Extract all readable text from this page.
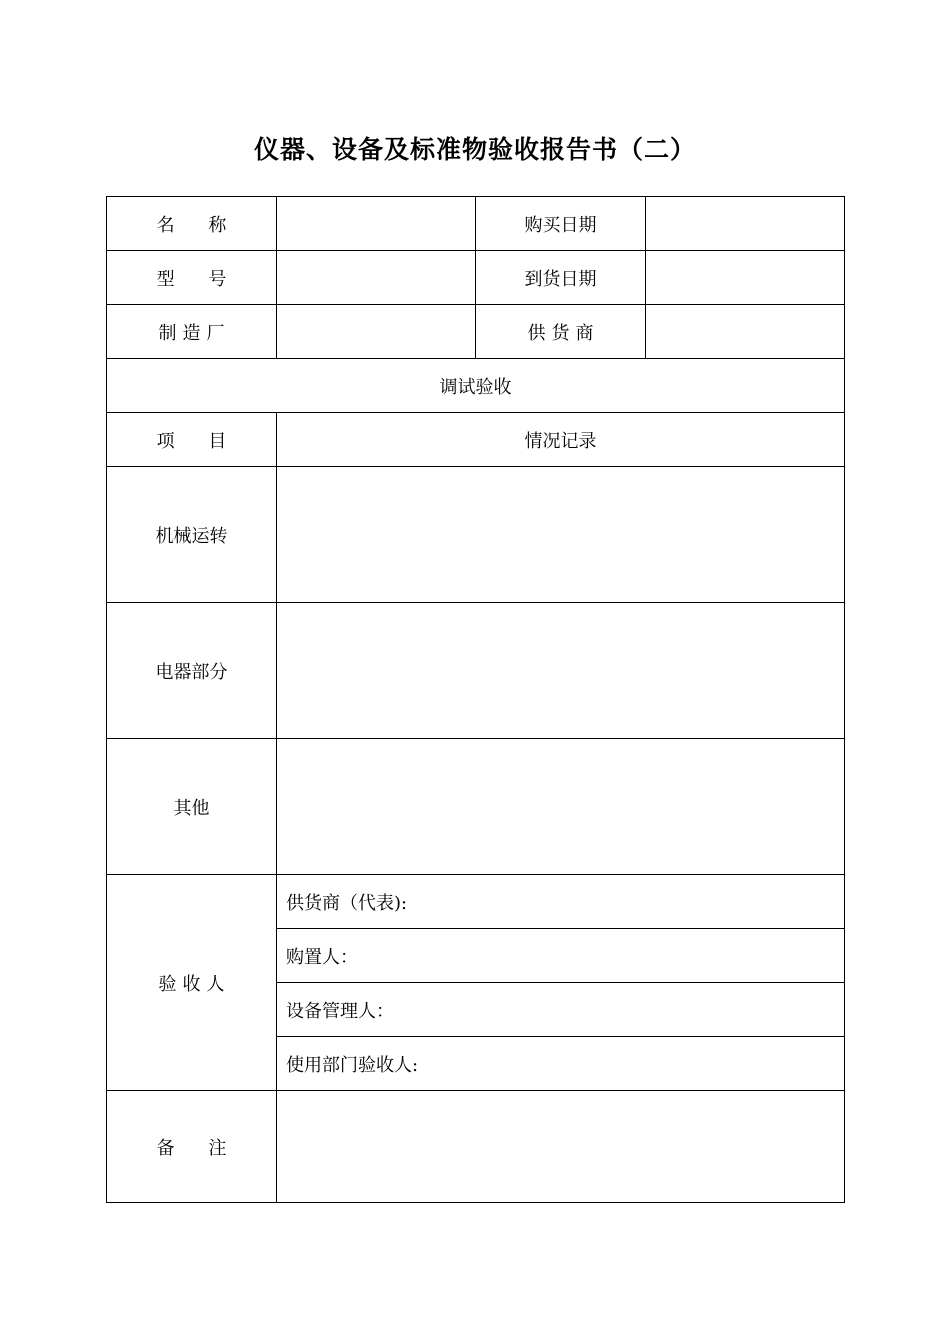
仪器、设备及标准物验收报告书（二）
名 称		购买日期	
型 号		到货日期	
制造厂		供货商	
调试验收			
项 目	情况记录		
机械运转			
电器部分			
其他			
验收人	供货商（代表):		
	购置人：		
	设备管理人：		
	使用部门验收人:		
备 注			
